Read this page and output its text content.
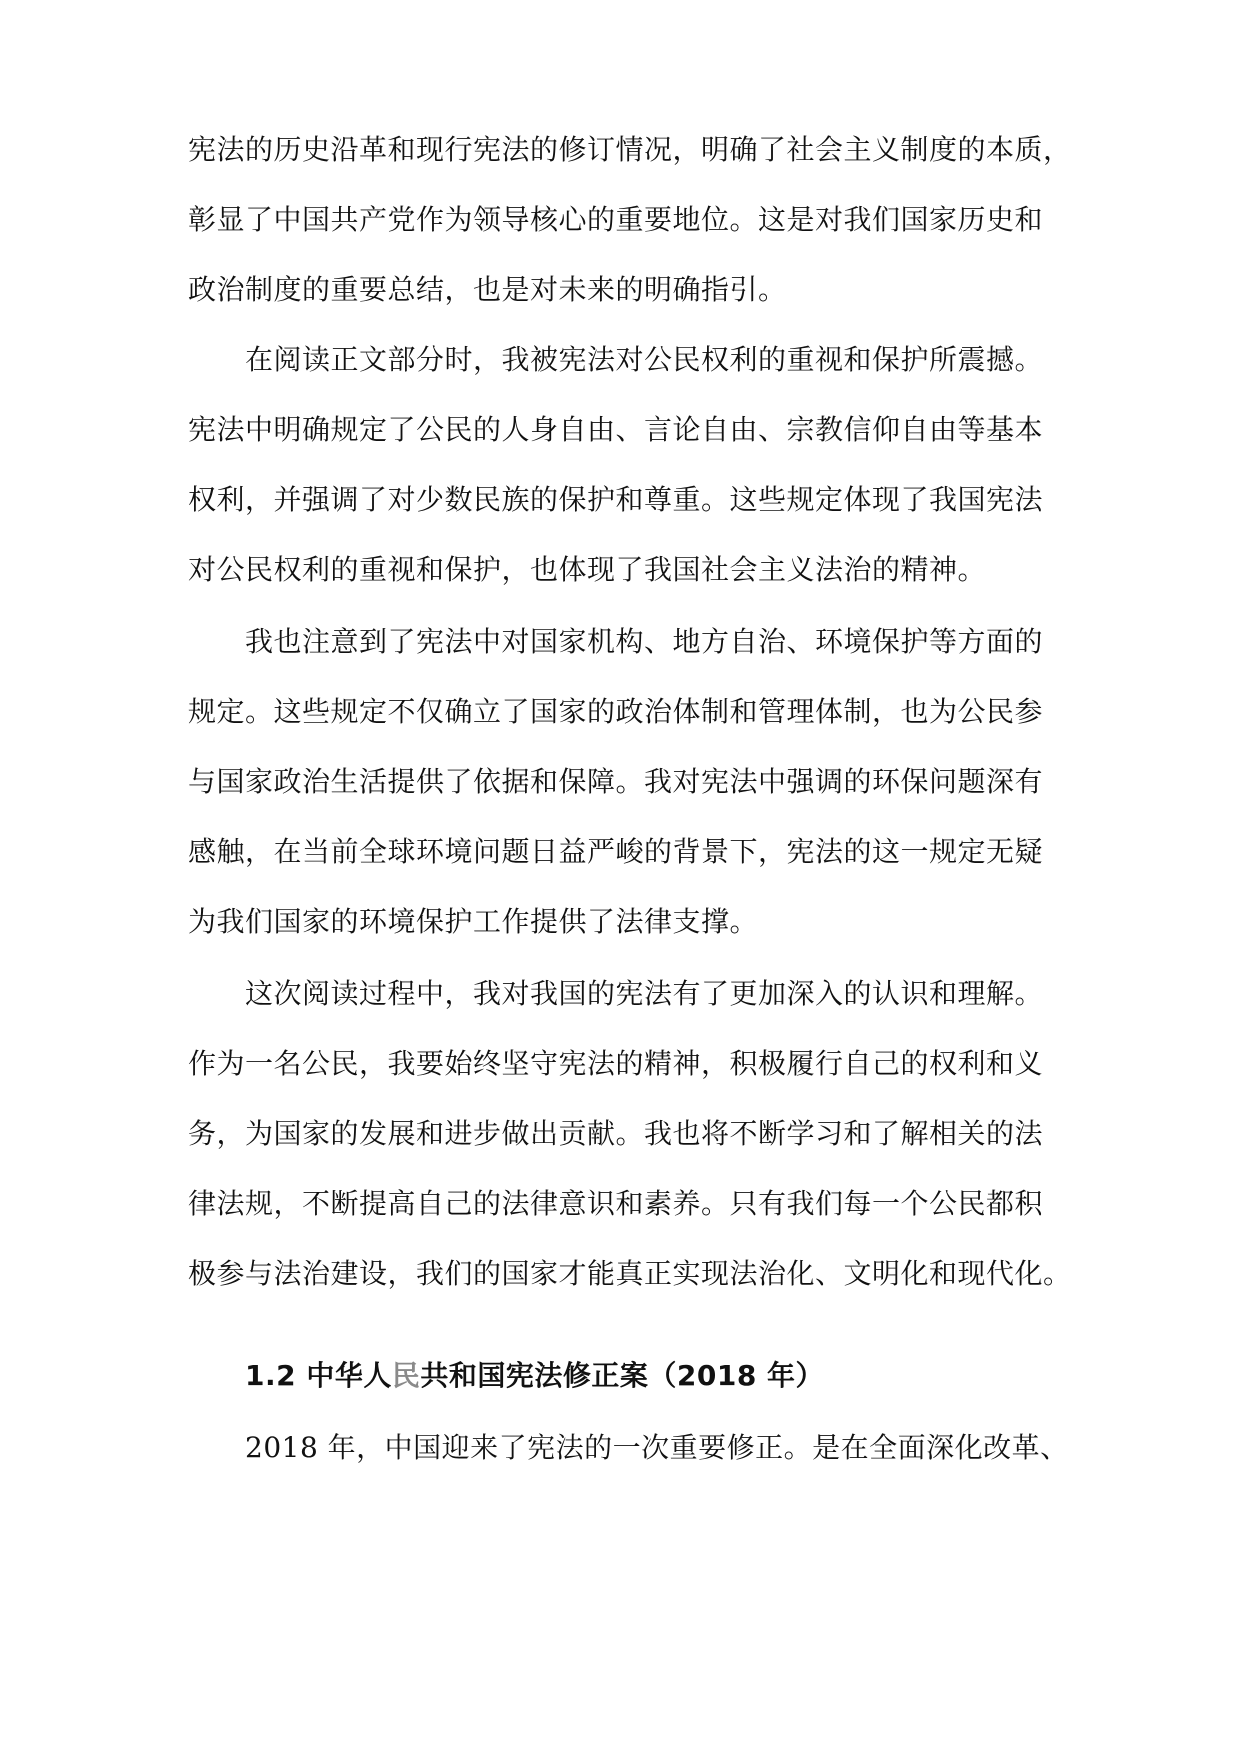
宪法的历史沿革和现行宪法的修订情况，明确了社会主义制度的本质，
彰显了中国共产党作为领导核心的重要地位。这是对我们国家历史和
政治制度的重要总结，也是对未来的明确指引。
在阅读正文部分时，我被宪法对公民权利的重视和保护所震撼。
宪法中明确规定了公民的人身自由、言论自由、宗教信仰自由等基本
权利，并强调了对少数民族的保护和尊重。这些规定体现了我国宪法
对公民权利的重视和保护，也体现了我国社会主义法治的精神。
我也注意到了宪法中对国家机构、地方自治、环境保护等方面的
规定。这些规定不仅确立了国家的政治体制和管理体制，也为公民参
与国家政治生活提供了依据和保障。我对宪法中强调的环保问题深有
感触，在当前全球环境问题日益严峻的背景下，宪法的这一规定无疑
为我们国家的环境保护工作提供了法律支撑。
这次阅读过程中，我对我国的宪法有了更加深入的认识和理解。
作为一名公民，我要始终坚守宪法的精神，积极履行自己的权利和义
务，为国家的发展和进步做出贡献。我也将不断学习和了解相关的法
律法规，不断提高自己的法律意识和素养。只有我们每一个公民都积
极参与法治建设，我们的国家才能真正实现法治化、文明化和现代化。
1.2 中华人民共和国宪法修正案（2018 年）
2018 年，中国迎来了宪法的一次重要修正。是在全面深化改革、
